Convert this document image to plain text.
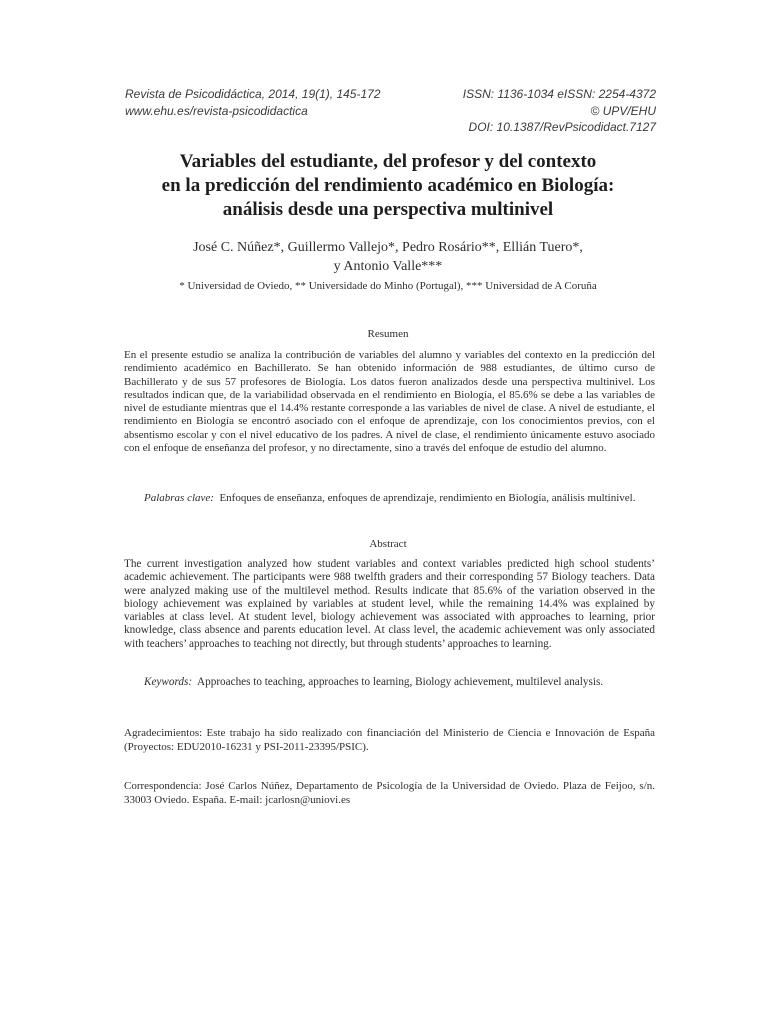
Revista de Psicodidáctica, 2014, 19(1), 145-172
www.ehu.es/revista-psicodidactica
ISSN: 1136-1034 eISSN: 2254-4372
© UPV/EHU
DOI: 10.1387/RevPsicodidact.7127
Variables del estudiante, del profesor y del contexto
en la predicción del rendimiento académico en Biología:
análisis desde una perspectiva multinivel
José C. Núñez*, Guillermo Vallejo*, Pedro Rosário**, Ellián Tuero*,
y Antonio Valle***
* Universidad de Oviedo, ** Universidade do Minho (Portugal), *** Universidad de A Coruña
Resumen
En el presente estudio se analiza la contribución de variables del alumno y variables del contexto en la predicción del rendimiento académico en Bachillerato. Se han obtenido información de 988 estudiantes, de último curso de Bachillerato y de sus 57 profesores de Biología. Los datos fueron analizados desde una perspectiva multinivel. Los resultados indican que, de la variabilidad observada en el rendimiento en Biología, el 85.6% se debe a las variables de nivel de estudiante mientras que el 14.4% restante corresponde a las variables de nivel de clase. A nivel de estudiante, el rendimiento en Biología se encontró asociado con el enfoque de aprendizaje, con los conocimientos previos, con el absentismo escolar y con el nivel educativo de los padres. A nivel de clase, el rendimiento únicamente estuvo asociado con el enfoque de enseñanza del profesor, y no directamente, sino a través del enfoque de estudio del alumno.
Palabras clave: Enfoques de enseñanza, enfoques de aprendizaje, rendimiento en Biología, análisis multinivel.
Abstract
The current investigation analyzed how student variables and context variables predicted high school students’ academic achievement. The participants were 988 twelfth graders and their corresponding 57 Biology teachers. Data were analyzed making use of the multilevel method. Results indicate that 85.6% of the variation observed in the biology achievement was explained by variables at student level, while the remaining 14.4% was explained by variables at class level. At student level, biology achievement was associated with approaches to learning, prior knowledge, class absence and parents education level. At class level, the academic achievement was only associated with teachers’ approaches to teaching not directly, but through students’ approaches to learning.
Keywords: Approaches to teaching, approaches to learning, Biology achievement, multilevel analysis.
Agradecimientos: Este trabajo ha sido realizado con financiación del Ministerio de Ciencia e Innovación de España (Proyectos: EDU2010-16231 y PSI-2011-23395/PSIC).
Correspondencia: José Carlos Núñez, Departamento de Psicología de la Universidad de Oviedo. Plaza de Feijoo, s/n. 33003 Oviedo. España. E-mail: jcarlosn@uniovi.es
